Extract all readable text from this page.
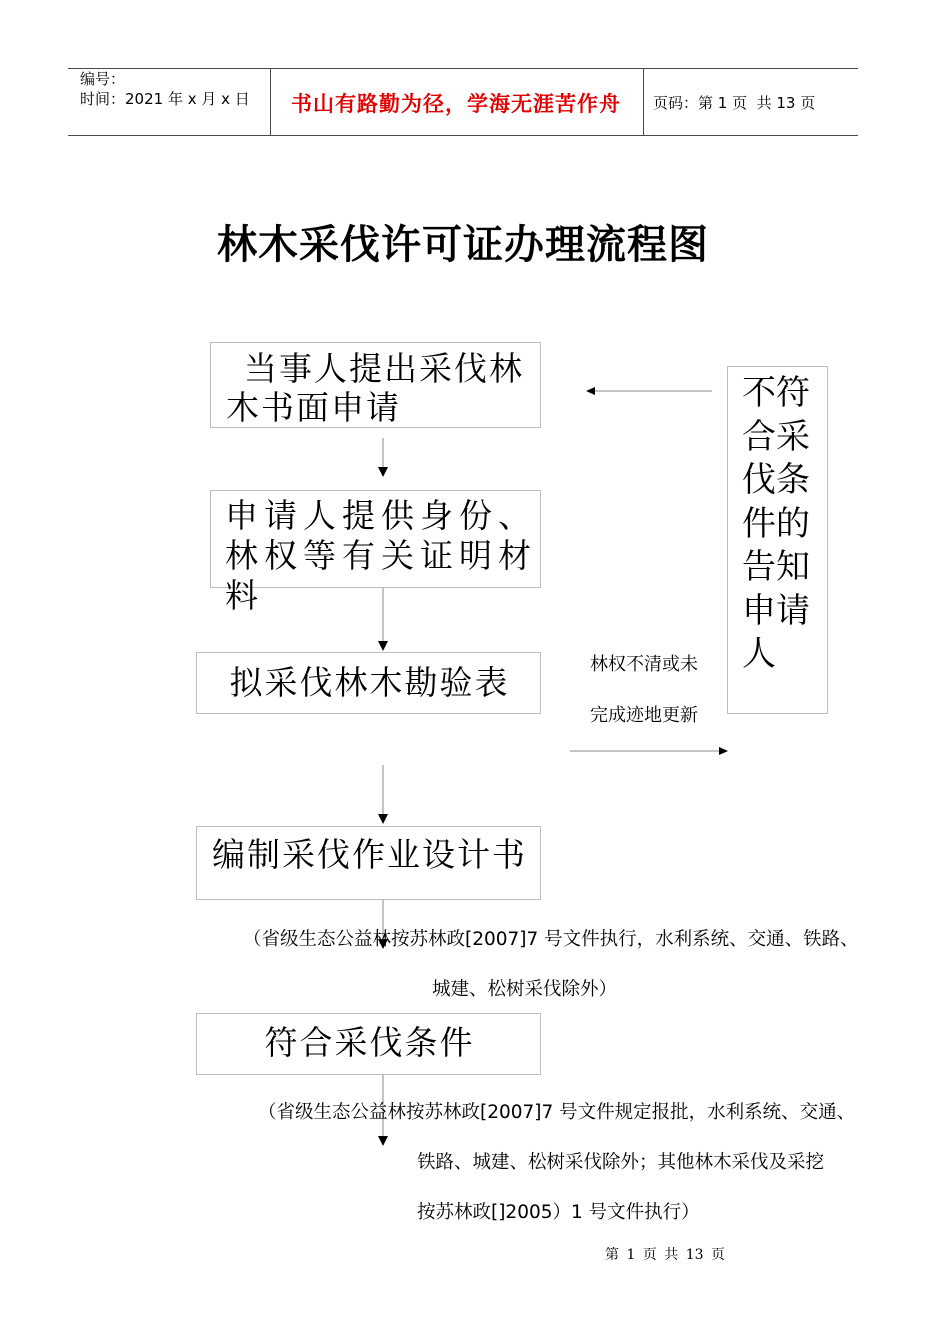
编号：
时间：2021 年 x 月 x 日 书山有路勤为径，学海无涯苦作舟 页码：第 1 页  共 13 页
林木采伐许可证办理流程图
当事人提出采伐林木书面申请
申请人提供身份、林权等有关证明材料
拟采伐林木勘验表
编制采伐作业设计书
符合采伐条件
不符合采伐条件的告知申请人
林权不清或未
完成迹地更新
（省级生态公益林按苏林政[2007]7 号文件执行，水利系统、交通、铁路、
城建、松树采伐除外）
（省级生态公益林按苏林政[2007]7 号文件规定报批，水利系统、交通、
铁路、城建、松树采伐除外；其他林木采伐及采挖
按苏林政[]2005）1 号文件执行）
第 1 页 共 13 页
